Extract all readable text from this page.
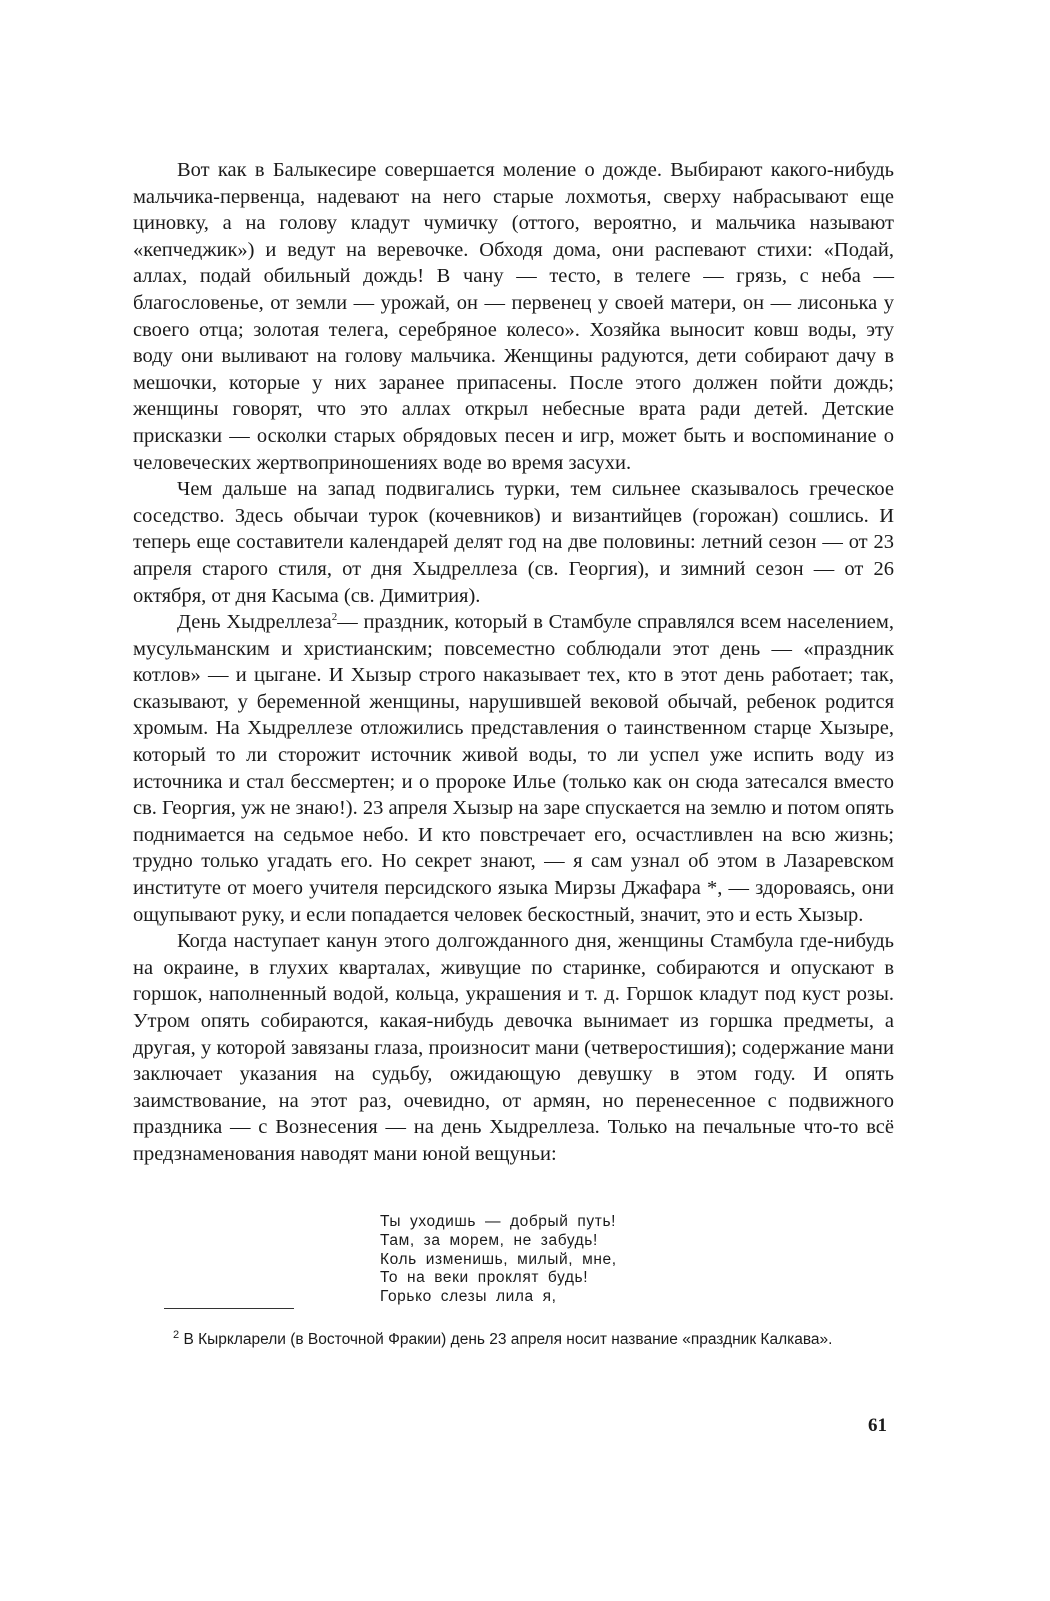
Вот как в Балыкесире совершается моление о дожде. Выбирают какого-нибудь мальчика-первенца, надевают на него старые лохмотья, сверху набрасывают еще циновку, а на голову кладут чумичку (оттого, вероятно, и мальчика называют «кепчеджик») и ведут на веревочке. Обходя дома, они распевают стихи: «Подай, аллах, подай обильный дождь! В чану — тесто, в телеге — грязь, с неба — благословенье, от земли — урожай, он — первенец у своей матери, он — лисонька у своего отца; золотая телега, серебряное колесо». Хозяйка выносит ковш воды, эту воду они выливают на голову мальчика. Женщины радуются, дети собирают дачу в мешочки, которые у них заранее припасены. После этого должен пойти дождь; женщины говорят, что это аллах открыл небесные врата ради детей. Детские присказки — осколки старых обрядовых песен и игр, может быть и воспоминание о человеческих жертвоприношениях воде во время засухи.

Чем дальше на запад подвигались турки, тем сильнее сказывалось греческое соседство. Здесь обычаи турок (кочевников) и византийцев (горожан) сошлись. И теперь еще составители календарей делят год на две половины: летний сезон — от 23 апреля старого стиля, от дня Хыдреллеза (св. Георгия), и зимний сезон — от 26 октября, от дня Касыма (св. Димитрия).

День Хыдреллеза$^2$— праздник, который в Стамбуле справлялся всем населением, мусульманским и христианским; повсеместно соблюдали этот день — «праздник котлов» — и цыгане. И Хызыр строго наказывает тех, кто в этот день работает; так, сказывают, у беременной женщины, нарушившей вековой обычай, ребенок родится хромым. На Хыдреллезе отложились представления о таинственном старце Хызыре, который то ли сторожит источник живой воды, то ли успел уже испить воду из источника и стал бессмертен; и о пророке Илье (только как он сюда затесался вместо св. Георгия, уж не знаю!). 23 апреля Хызыр на заре спускается на землю и потом опять поднимается на седьмое небо. И кто повстречает его, осчастливлен на всю жизнь; трудно только угадать его. Но секрет знают, — я сам узнал об этом в Лазаревском институте от моего учителя персидского языка Мирзы Джафара *, — здороваясь, они ощупывают руку, и если попадается человек бескостный, значит, это и есть Хызыр.

Когда наступает канун этого долгожданного дня, женщины Стамбула где-нибудь на окраине, в глухих кварталах, живущие по старинке, собираются и опускают в горшок, наполненный водой, кольца, украшения и т. д. Горшок кладут под куст розы. Утром опять собираются, какая-нибудь девочка вынимает из горшка предметы, а другая, у которой завязаны глаза, произносит мани (четверостишия); содержание мани заключает указания на судьбу, ожидающую девушку в этом году. И опять заимствование, на этот раз, очевидно, от армян, но перенесенное с подвижного праздника — с Вознесения — на день Хыдреллеза. Только на печальные что-то всё предзнаменования наводят мани юной вещуньи:

Ты уходишь — добрый путь!
Там, за морем, не забудь!
Коль изменишь, милый, мне,
То на веки проклят будь!
Горько слезы лила я,
$^2$ В Кыркларели (в Восточной Фракии) день 23 апреля носит название «праздник Калкава».
61
